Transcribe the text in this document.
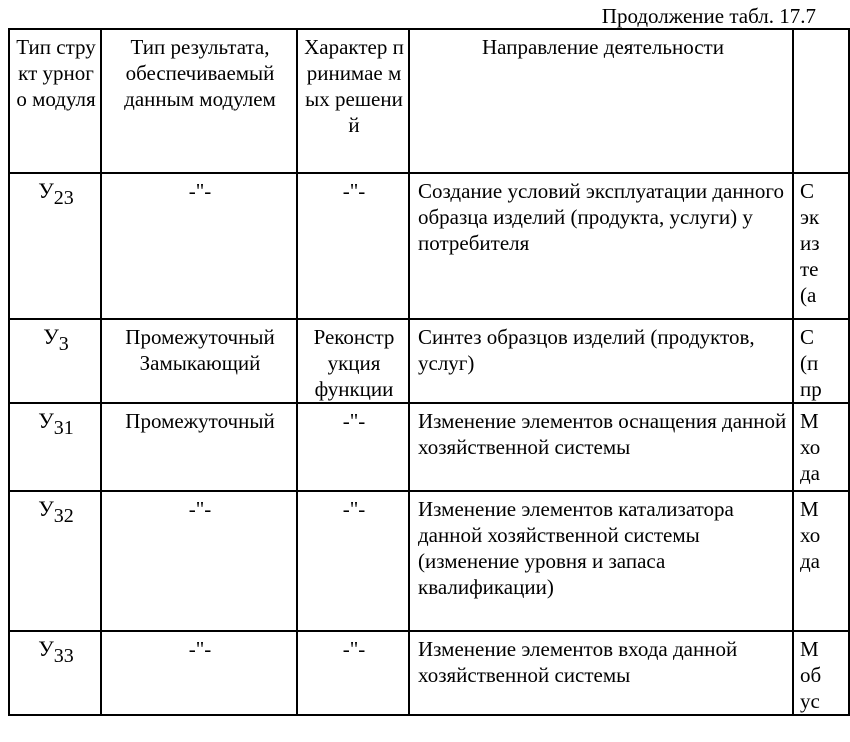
Продолжение табл. 17.7
Тип структ урного модуля	Тип результата, обеспечиваемый данным модулем	Характер принимае мых решений	Направление деятельности	
$У_{23}$	-"-	-"-	Создание условий эксплуатации данного образца изделий (продукта, услуги) у потребителя	С
эк
из
те
(а

$У_3$	Промежуточный Замыкающий	Реконстр укция функции	Синтез образцов изделий (продуктов, услуг)	С
(п
пр

$У_{31}$	Промежуточный	-"-	Изменение элементов оснащения данной хозяйственной системы	М
хо
да

$У_{32}$	-"-	-"-	Изменение элементов катализатора данной хозяйственной системы (изменение уровня и запаса квалификации)	М
хо
да

$У_{33}$	-"-	-"-	Изменение элементов входа данной хозяйственной системы	М
об
ус
